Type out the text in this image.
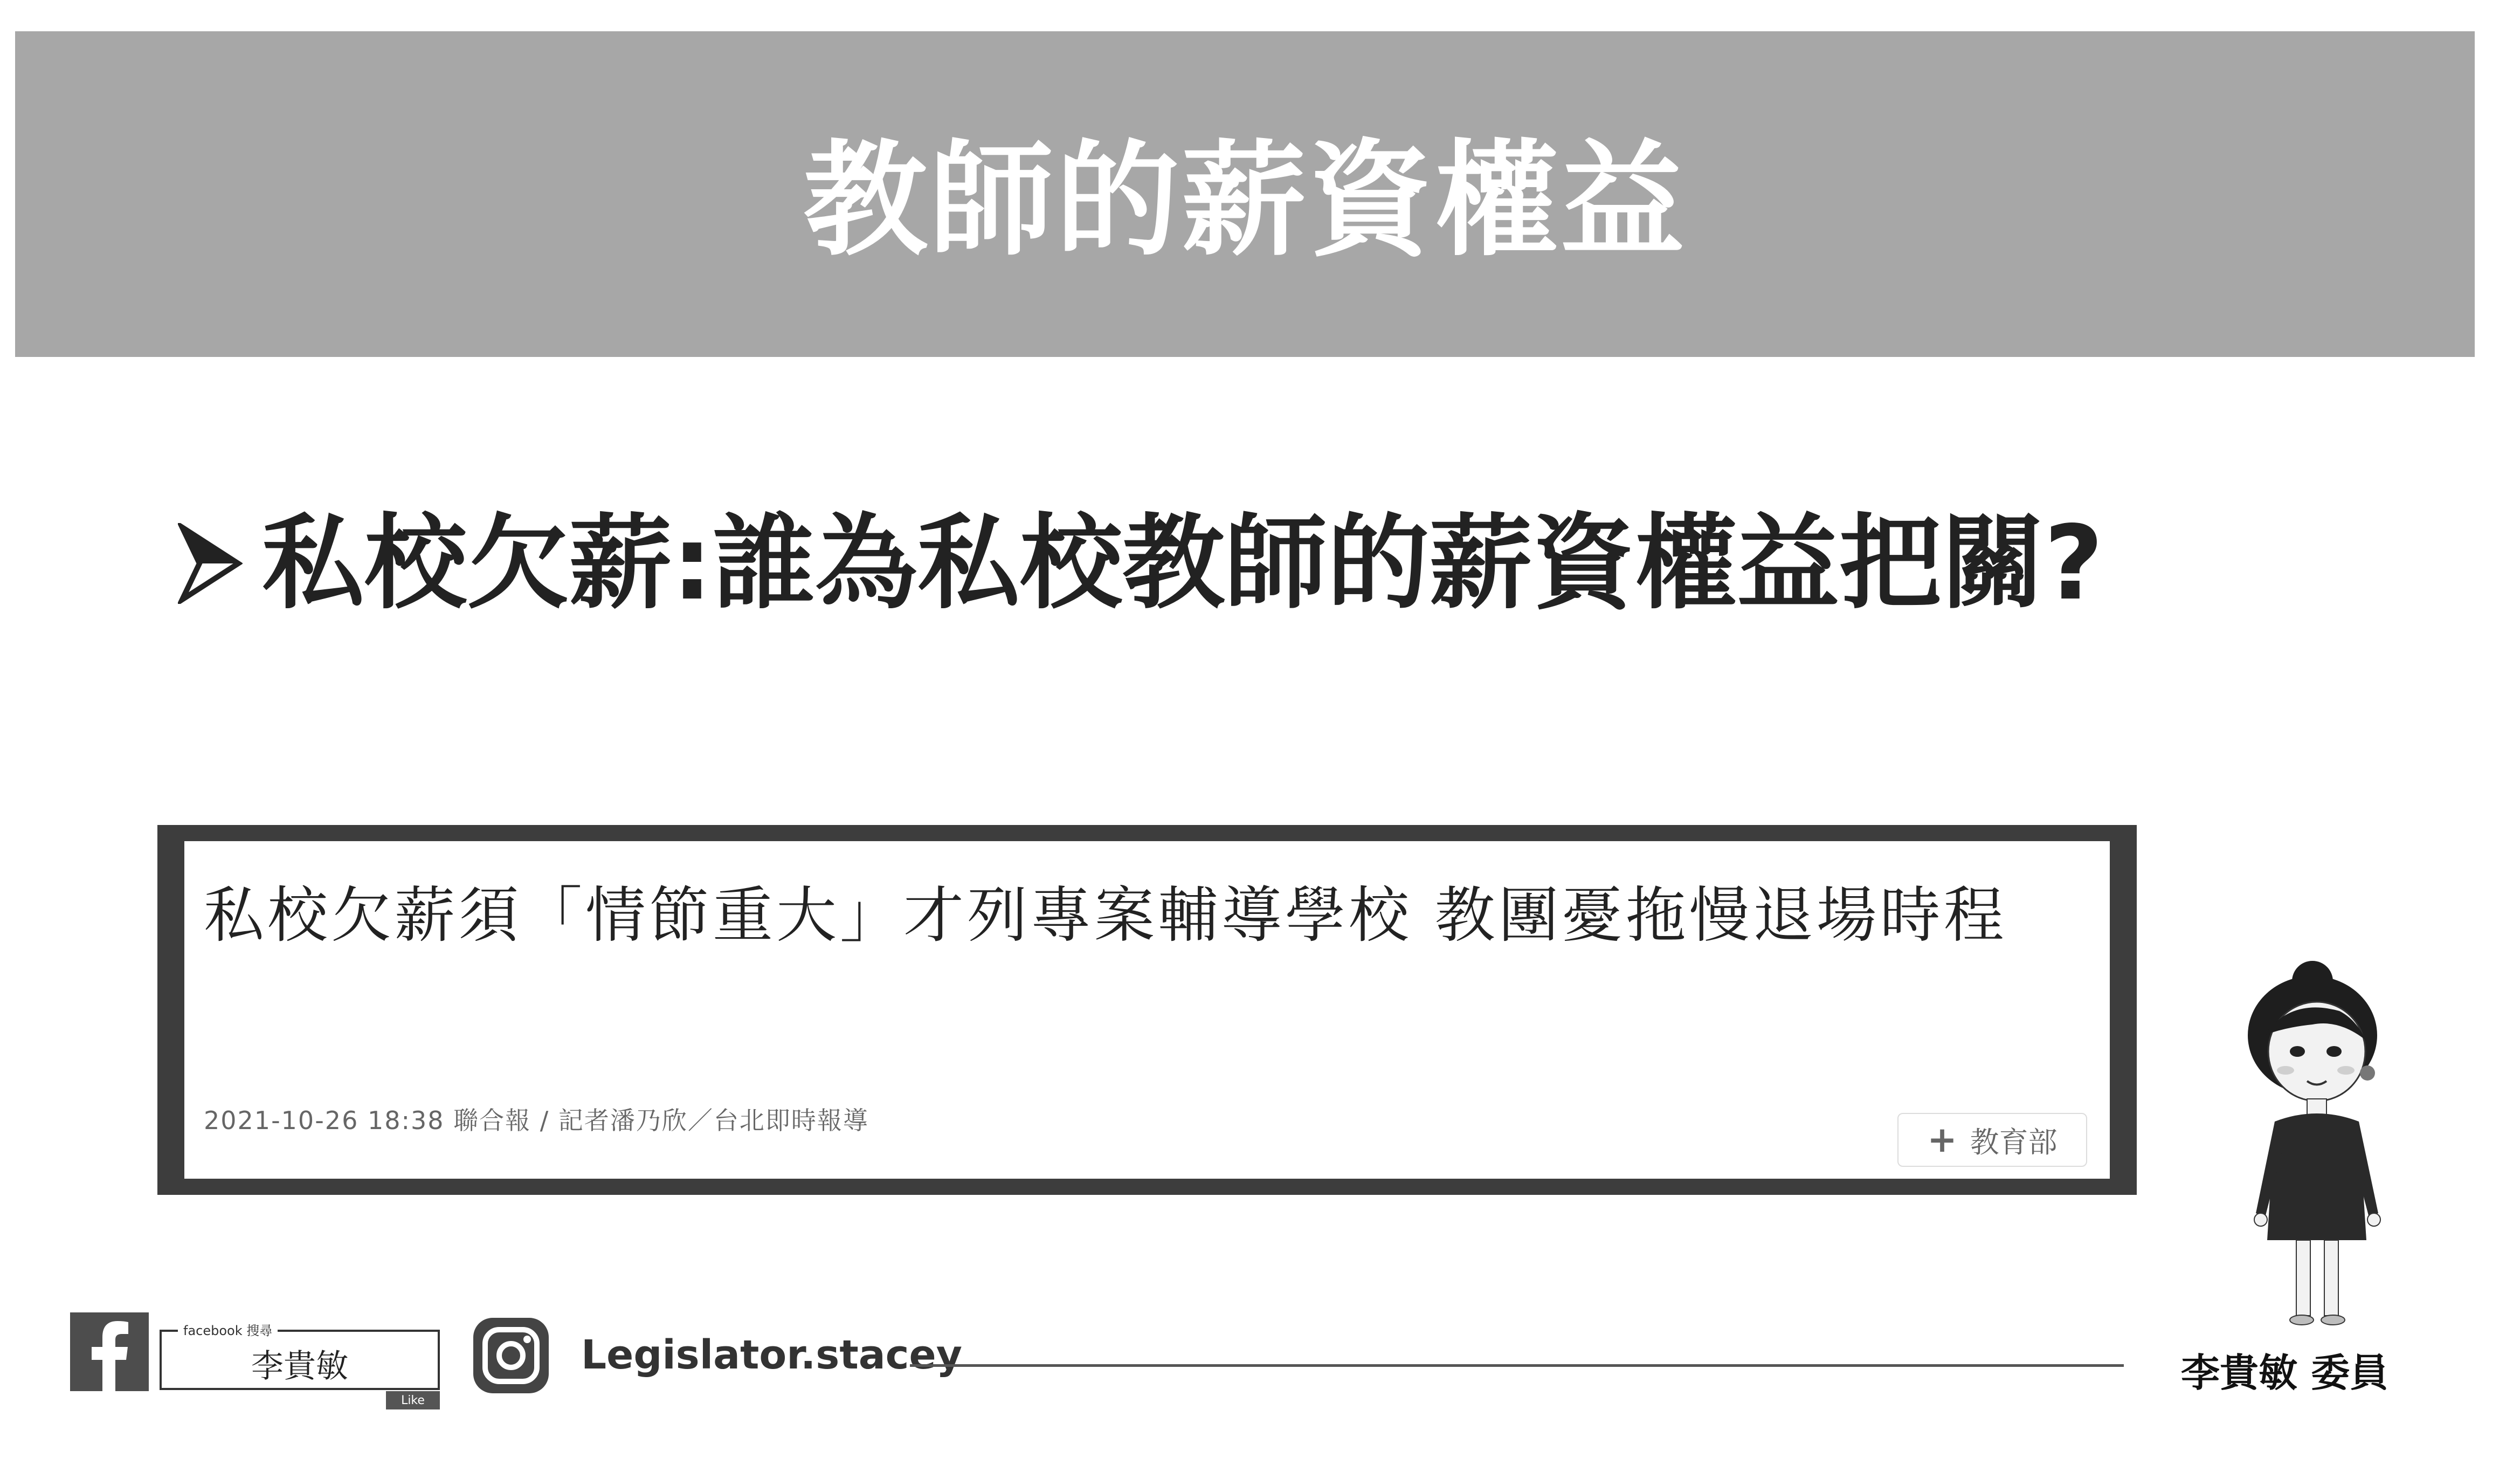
教師的薪資權益
私校欠薪:誰為私校教師的薪資權益把關?

私校欠薪須「情節重大」才列專案輔導學校 教團憂拖慢退場時程

2021-10-26 18:38 聯合報 / 記者潘乃欣／台北即時報導	+ 教育部
facebook 搜尋
李貴敏
Like
Legislator.stacey	李貴敏 委員
